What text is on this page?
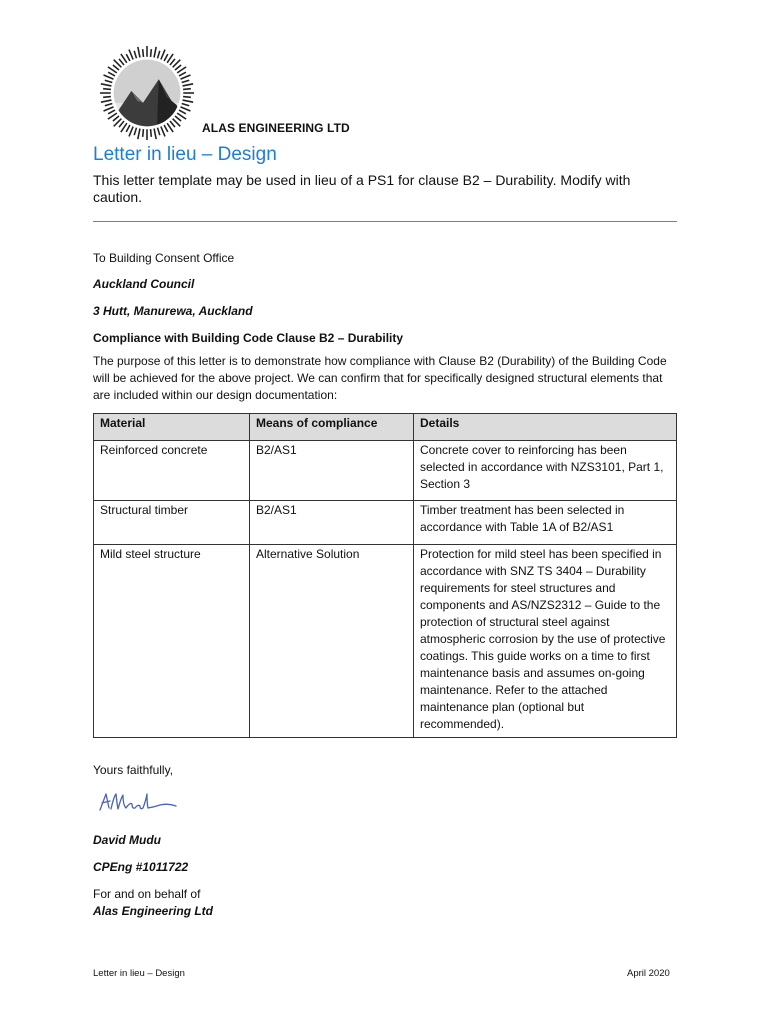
ALAS ENGINEERING LTD
Letter in lieu – Design
This letter template may be used in lieu of a PS1 for clause B2 – Durability. Modify with caution.
To Building Consent Office
Auckland Council
3 Hutt, Manurewa, Auckland
Compliance with Building Code Clause B2 – Durability
The purpose of this letter is to demonstrate how compliance with Clause B2 (Durability) of the Building Code will be achieved for the above project. We can confirm that for specifically designed structural elements that are included within our design documentation:
Material	Means of compliance	Details
Reinforced concrete	B2/AS1	Concrete cover to reinforcing has been selected in accordance with NZS3101, Part 1, Section 3
Structural timber	B2/AS1	Timber treatment has been selected in accordance with Table 1A of B2/AS1
Mild steel structure	Alternative Solution	Protection for mild steel has been specified in accordance with SNZ TS 3404 – Durability requirements for steel structures and components and AS/NZS2312 – Guide to the protection of structural steel against atmospheric corrosion by the use of protective coatings. This guide works on a time to first maintenance basis and assumes on-going maintenance. Refer to the attached maintenance plan (optional but recommended).
Yours faithfully,
David Mudu
CPEng #1011722
For and on behalf of
Alas Engineering Ltd
Letter in lieu – Design	April 2020
